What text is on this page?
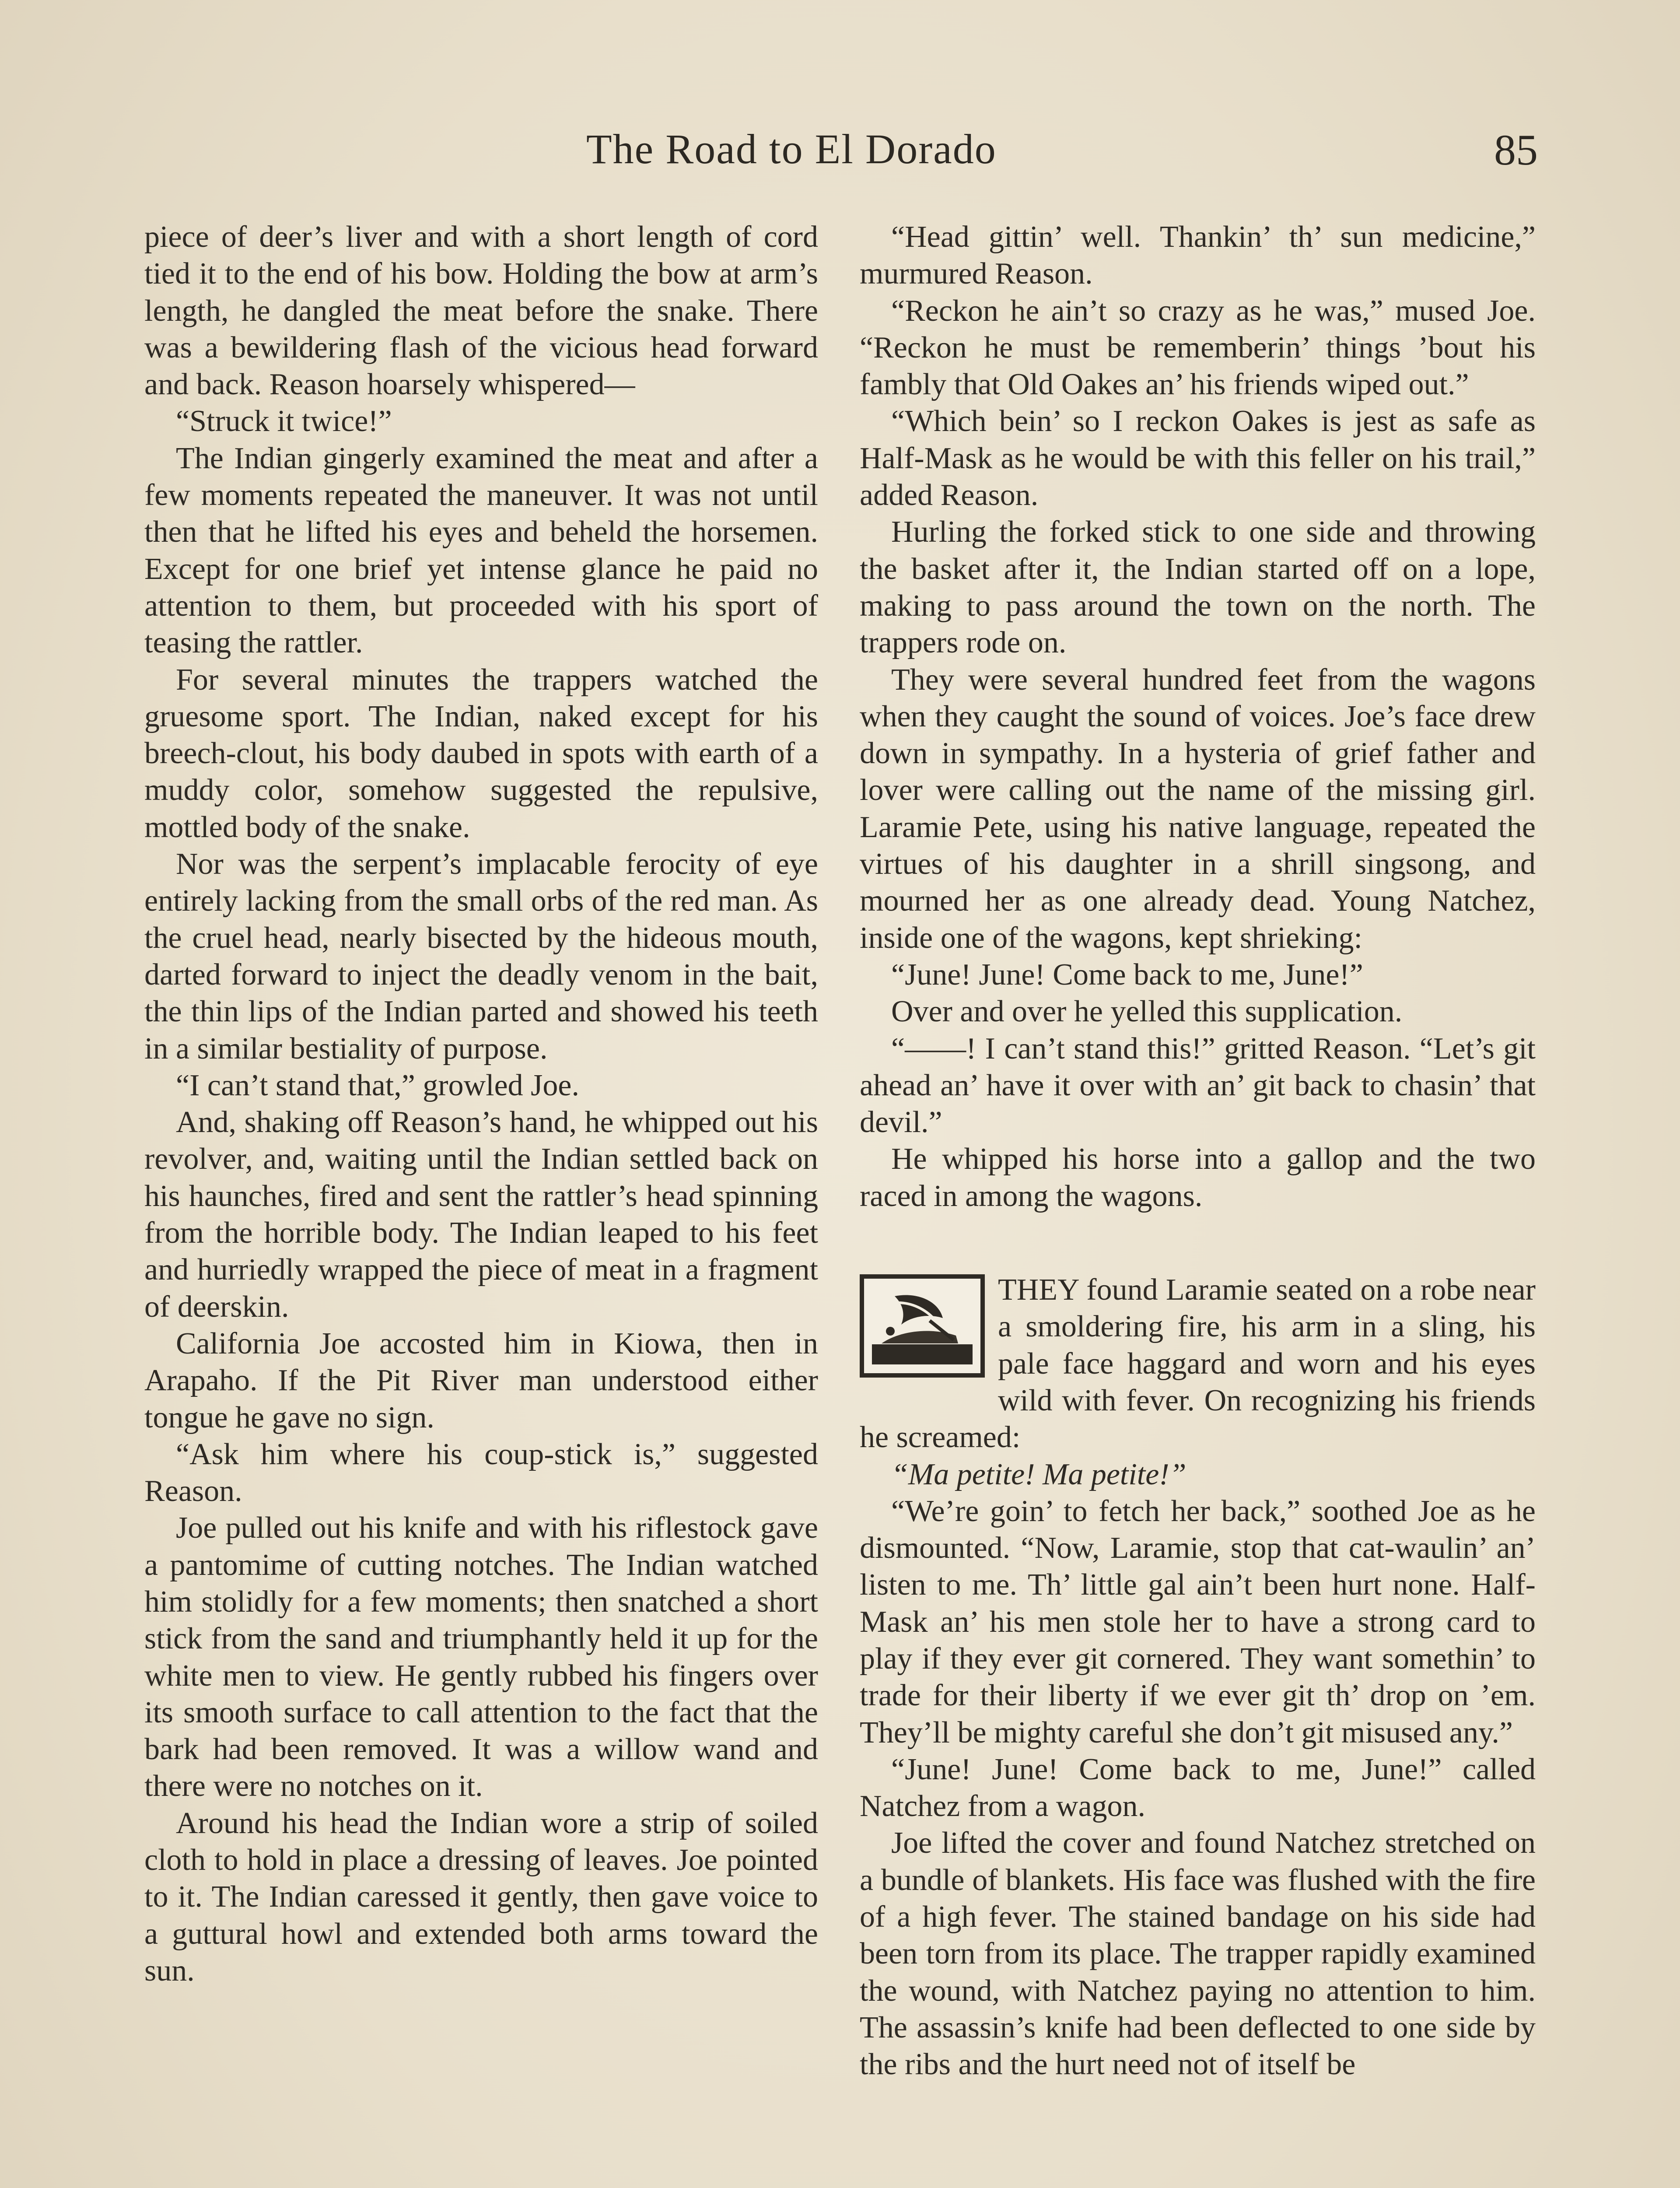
The Road to El Dorado	85

piece of deer’s liver and with a short length of cord tied it to the end of his bow. Holding the bow at arm’s length, he dangled the meat before the snake. There was a bewildering flash of the vicious head forward and back. Reason hoarsely whispered—

“Struck it twice!”

The Indian gingerly examined the meat and after a few moments repeated the maneuver. It was not until then that he lifted his eyes and beheld the horsemen. Except for one brief yet intense glance he paid no attention to them, but proceeded with his sport of teasing the rattler.

For several minutes the trappers watched the gruesome sport. The Indian, naked except for his breech-clout, his body daubed in spots with earth of a muddy color, somehow suggested the repulsive, mottled body of the snake.

Nor was the serpent’s implacable ferocity of eye entirely lacking from the small orbs of the red man. As the cruel head, nearly bisected by the hideous mouth, darted forward to inject the deadly venom in the bait, the thin lips of the Indian parted and showed his teeth in a similar bestiality of purpose.

“I can’t stand that,” growled Joe.

And, shaking off Reason’s hand, he whipped out his revolver, and, waiting until the Indian settled back on his haunches, fired and sent the rattler’s head spinning from the horrible body. The Indian leaped to his feet and hurriedly wrapped the piece of meat in a fragment of deerskin.

California Joe accosted him in Kiowa, then in Arapaho. If the Pit River man understood either tongue he gave no sign.

“Ask him where his coup-stick is,” suggested Reason.

Joe pulled out his knife and with his riflestock gave a pantomime of cutting notches. The Indian watched him stolidly for a few moments; then snatched a short stick from the sand and triumphantly held it up for the white men to view. He gently rubbed his fingers over its smooth surface to call attention to the fact that the bark had been removed. It was a willow wand and there were no notches on it.

Around his head the Indian wore a strip of soiled cloth to hold in place a dressing of leaves. Joe pointed to it. The Indian caressed it gently, then gave voice to a guttural howl and extended both arms toward the sun.

“Head gittin’ well. Thankin’ th’ sun medicine,” murmured Reason.

“Reckon he ain’t so crazy as he was,” mused Joe. “Reckon he must be rememberin’ things ’bout his fambly that Old Oakes an’ his friends wiped out.”

“Which bein’ so I reckon Oakes is jest as safe as Half-Mask as he would be with this feller on his trail,” added Reason.

Hurling the forked stick to one side and throwing the basket after it, the Indian started off on a lope, making to pass around the town on the north. The trappers rode on.

They were several hundred feet from the wagons when they caught the sound of voices. Joe’s face drew down in sympathy. In a hysteria of grief father and lover were calling out the name of the missing girl. Laramie Pete, using his native language, repeated the virtues of his daughter in a shrill singsong, and mourned her as one already dead. Young Natchez, inside one of the wagons, kept shrieking:

“June! June! Come back to me, June!”

Over and over he yelled this supplication.

“——! I can’t stand this!” gritted Reason. “Let’s git ahead an’ have it over with an’ git back to chasin’ that devil.”

He whipped his horse into a gallop and the two raced in among the wagons.

THEY found Laramie seated on a robe near a smoldering fire, his arm in a sling, his pale face haggard and worn and his eyes wild with fever. On recognizing his friends he screamed:

“Ma petite! Ma petite!”

“We’re goin’ to fetch her back,” soothed Joe as he dismounted. “Now, Laramie, stop that cat-waulin’ an’ listen to me. Th’ little gal ain’t been hurt none. Half-Mask an’ his men stole her to have a strong card to play if they ever git cornered. They want somethin’ to trade for their liberty if we ever git th’ drop on ’em. They’ll be mighty careful she don’t git misused any.”

“June! June! Come back to me, June!” called Natchez from a wagon.

Joe lifted the cover and found Natchez stretched on a bundle of blankets. His face was flushed with the fire of a high fever. The stained bandage on his side had been torn from its place. The trapper rapidly examined the wound, with Natchez paying no attention to him. The assassin’s knife had been deflected to one side by the ribs and the hurt need not of itself be
